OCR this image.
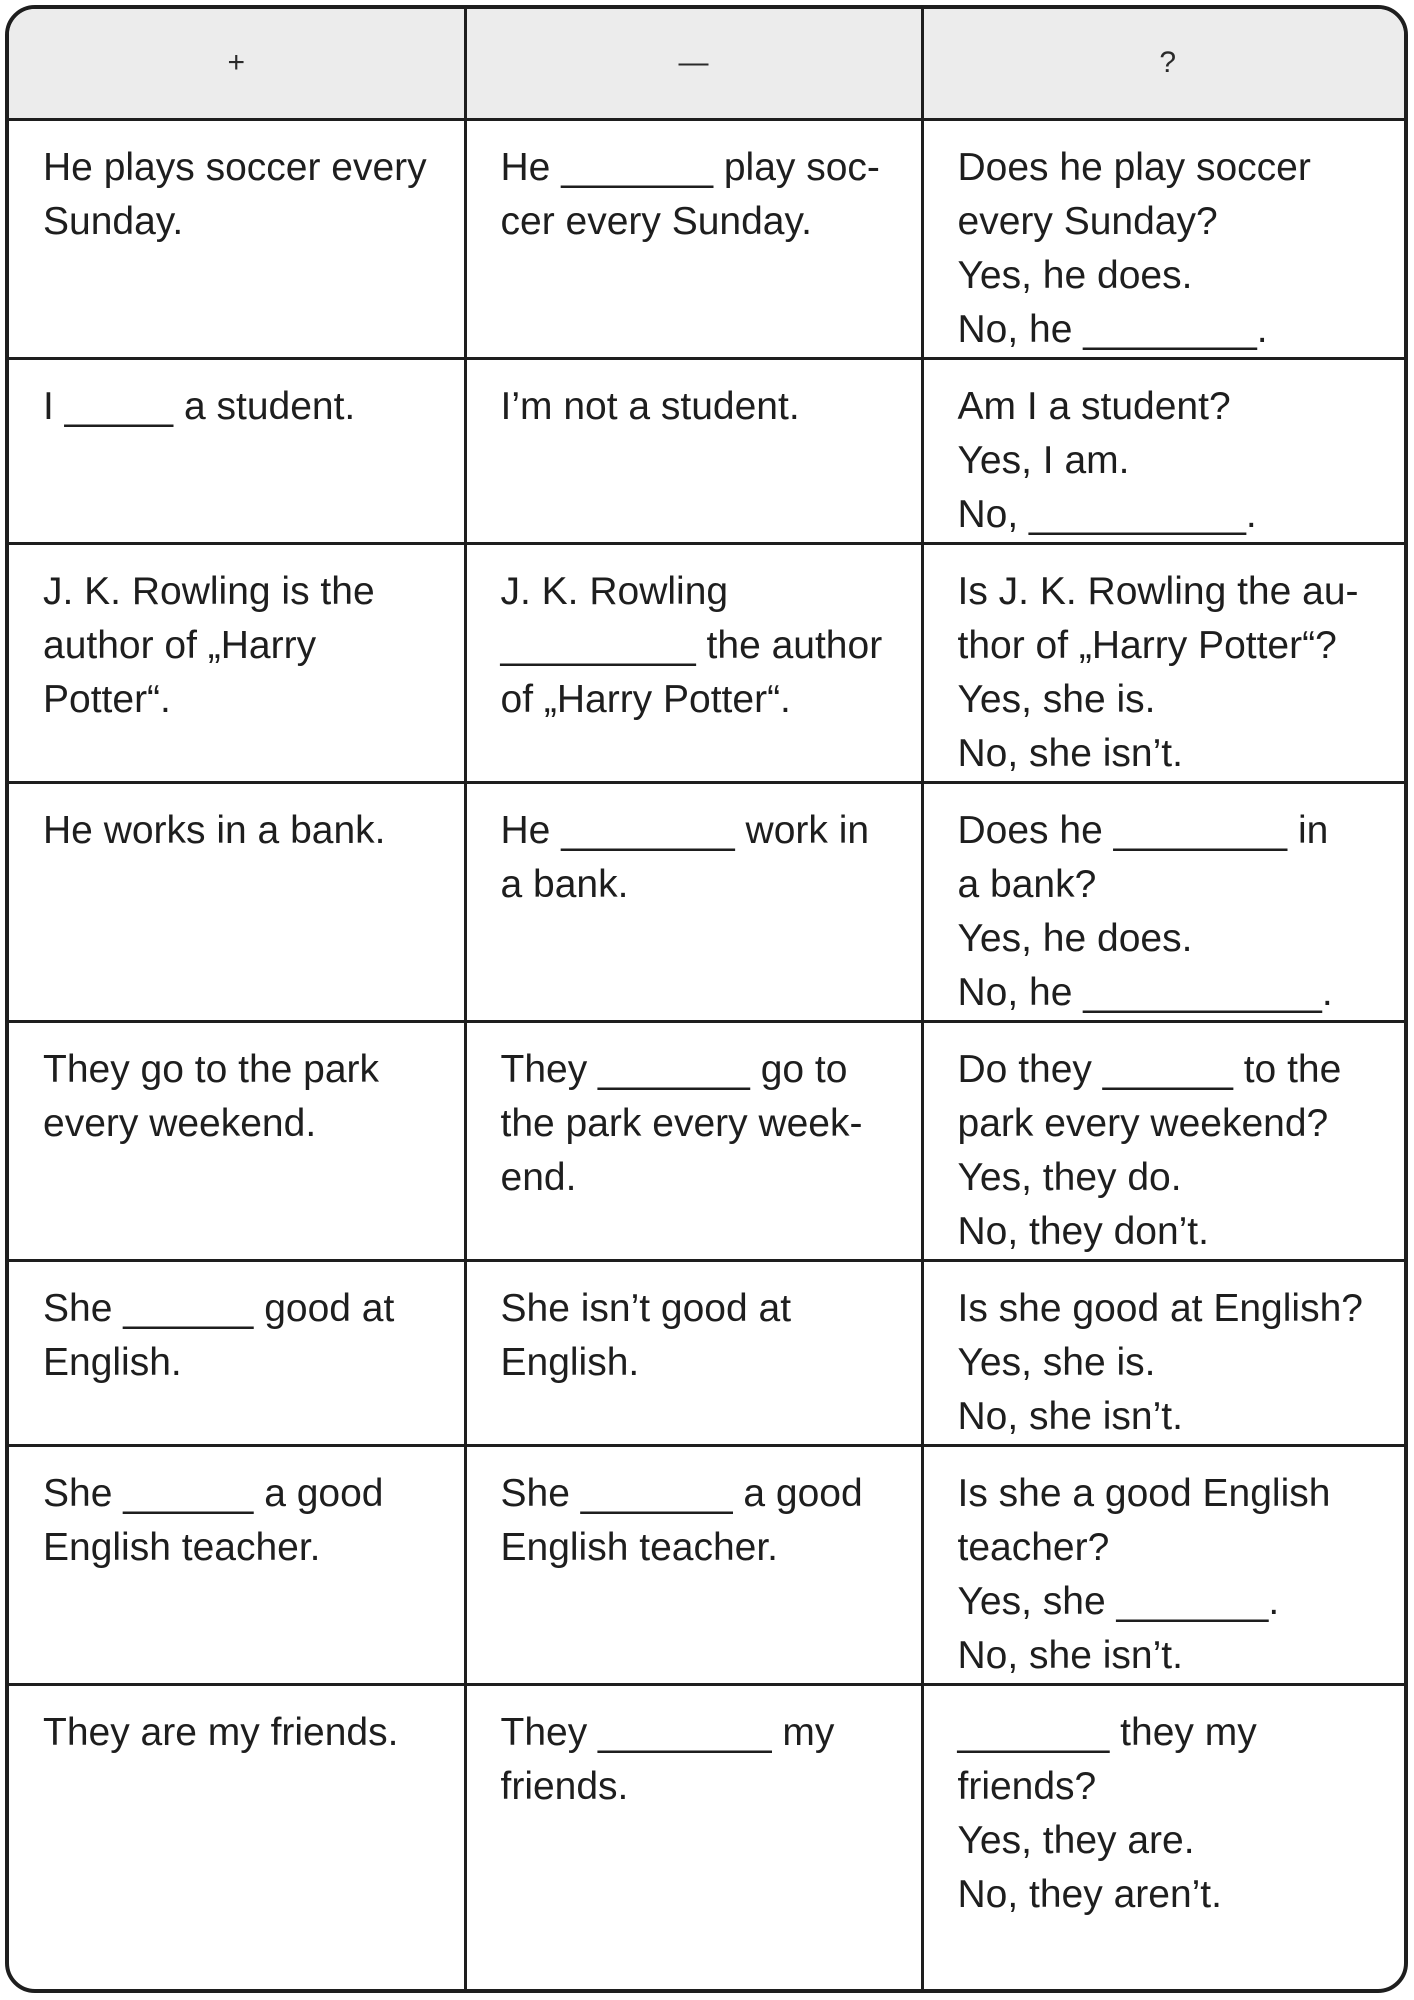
+	—	?

He plays soccer every
Sunday.	He _______ play soc-
cer every Sunday.	Does he play soccer
every Sunday?
Yes, he does.
No, he ________.

I _____ a student.	I’m not a student.	Am I a student?
Yes, I am.
No, __________.

J. K. Rowling is the
author of „Harry
Potter“.	J. K. Rowling
_________ the author
of „Harry Potter“.	Is J. K. Rowling the au-
thor of „Harry Potter“?
Yes, she is.
No, she isn’t.

He works in a bank.	He ________ work in
a bank.	Does he ________ in
a bank?
Yes, he does.
No, he ___________.

They go to the park
every weekend.	They _______ go to
the park every week-
end.	Do they ______ to the
park every weekend?
Yes, they do.
No, they don’t.

She ______ good at
English.	She isn’t good at
English.	Is she good at English?
Yes, she is.
No, she isn’t.

She ______ a good
English teacher.	She _______ a good
English teacher.	Is she a good English
teacher?
Yes, she _______.
No, she isn’t.

They are my friends.	They ________ my
friends.	_______ they my
friends?
Yes, they are.
No, they aren’t.
